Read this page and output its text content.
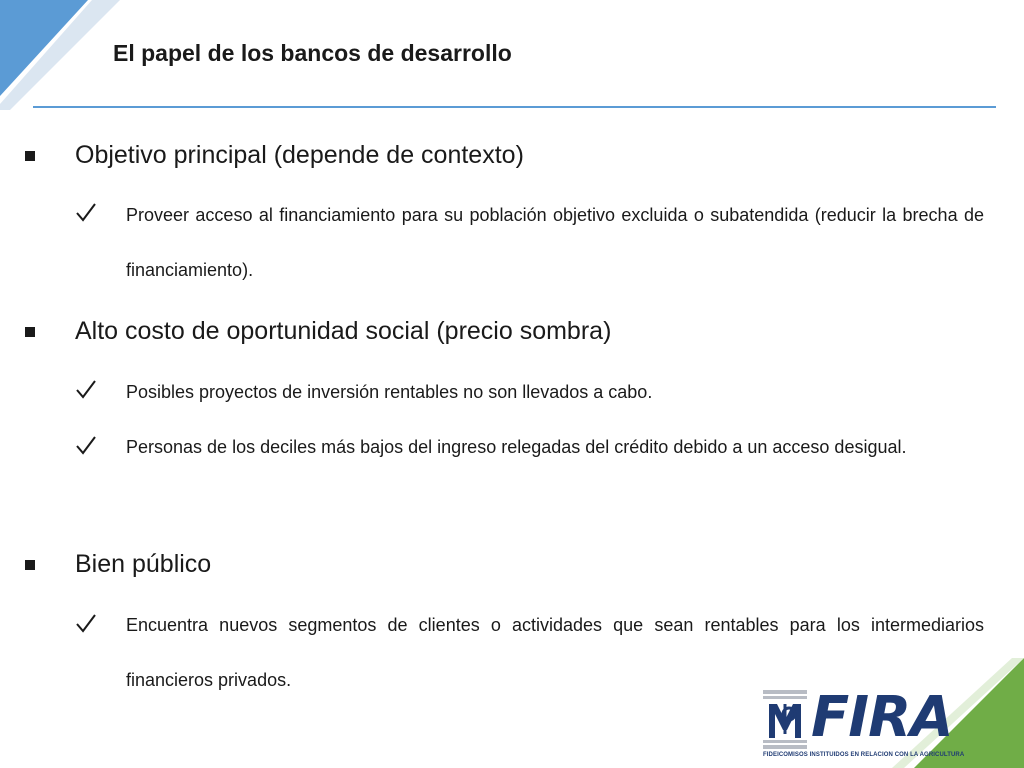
El papel de los bancos de desarrollo
Objetivo principal (depende de contexto)
Proveer acceso al financiamiento para su población objetivo excluida o subatendida (reducir la brecha de financiamiento).
Alto costo de oportunidad social (precio sombra)
Posibles proyectos de inversión rentables no son llevados a cabo.
Personas de los deciles más bajos del ingreso relegadas del crédito debido a un acceso desigual.
Bien público
Encuentra nuevos segmentos de clientes o actividades que sean rentables para los intermediarios financieros privados.
FIRA
FIDEICOMISOS INSTITUIDOS EN RELACION CON LA AGRICULTURA
